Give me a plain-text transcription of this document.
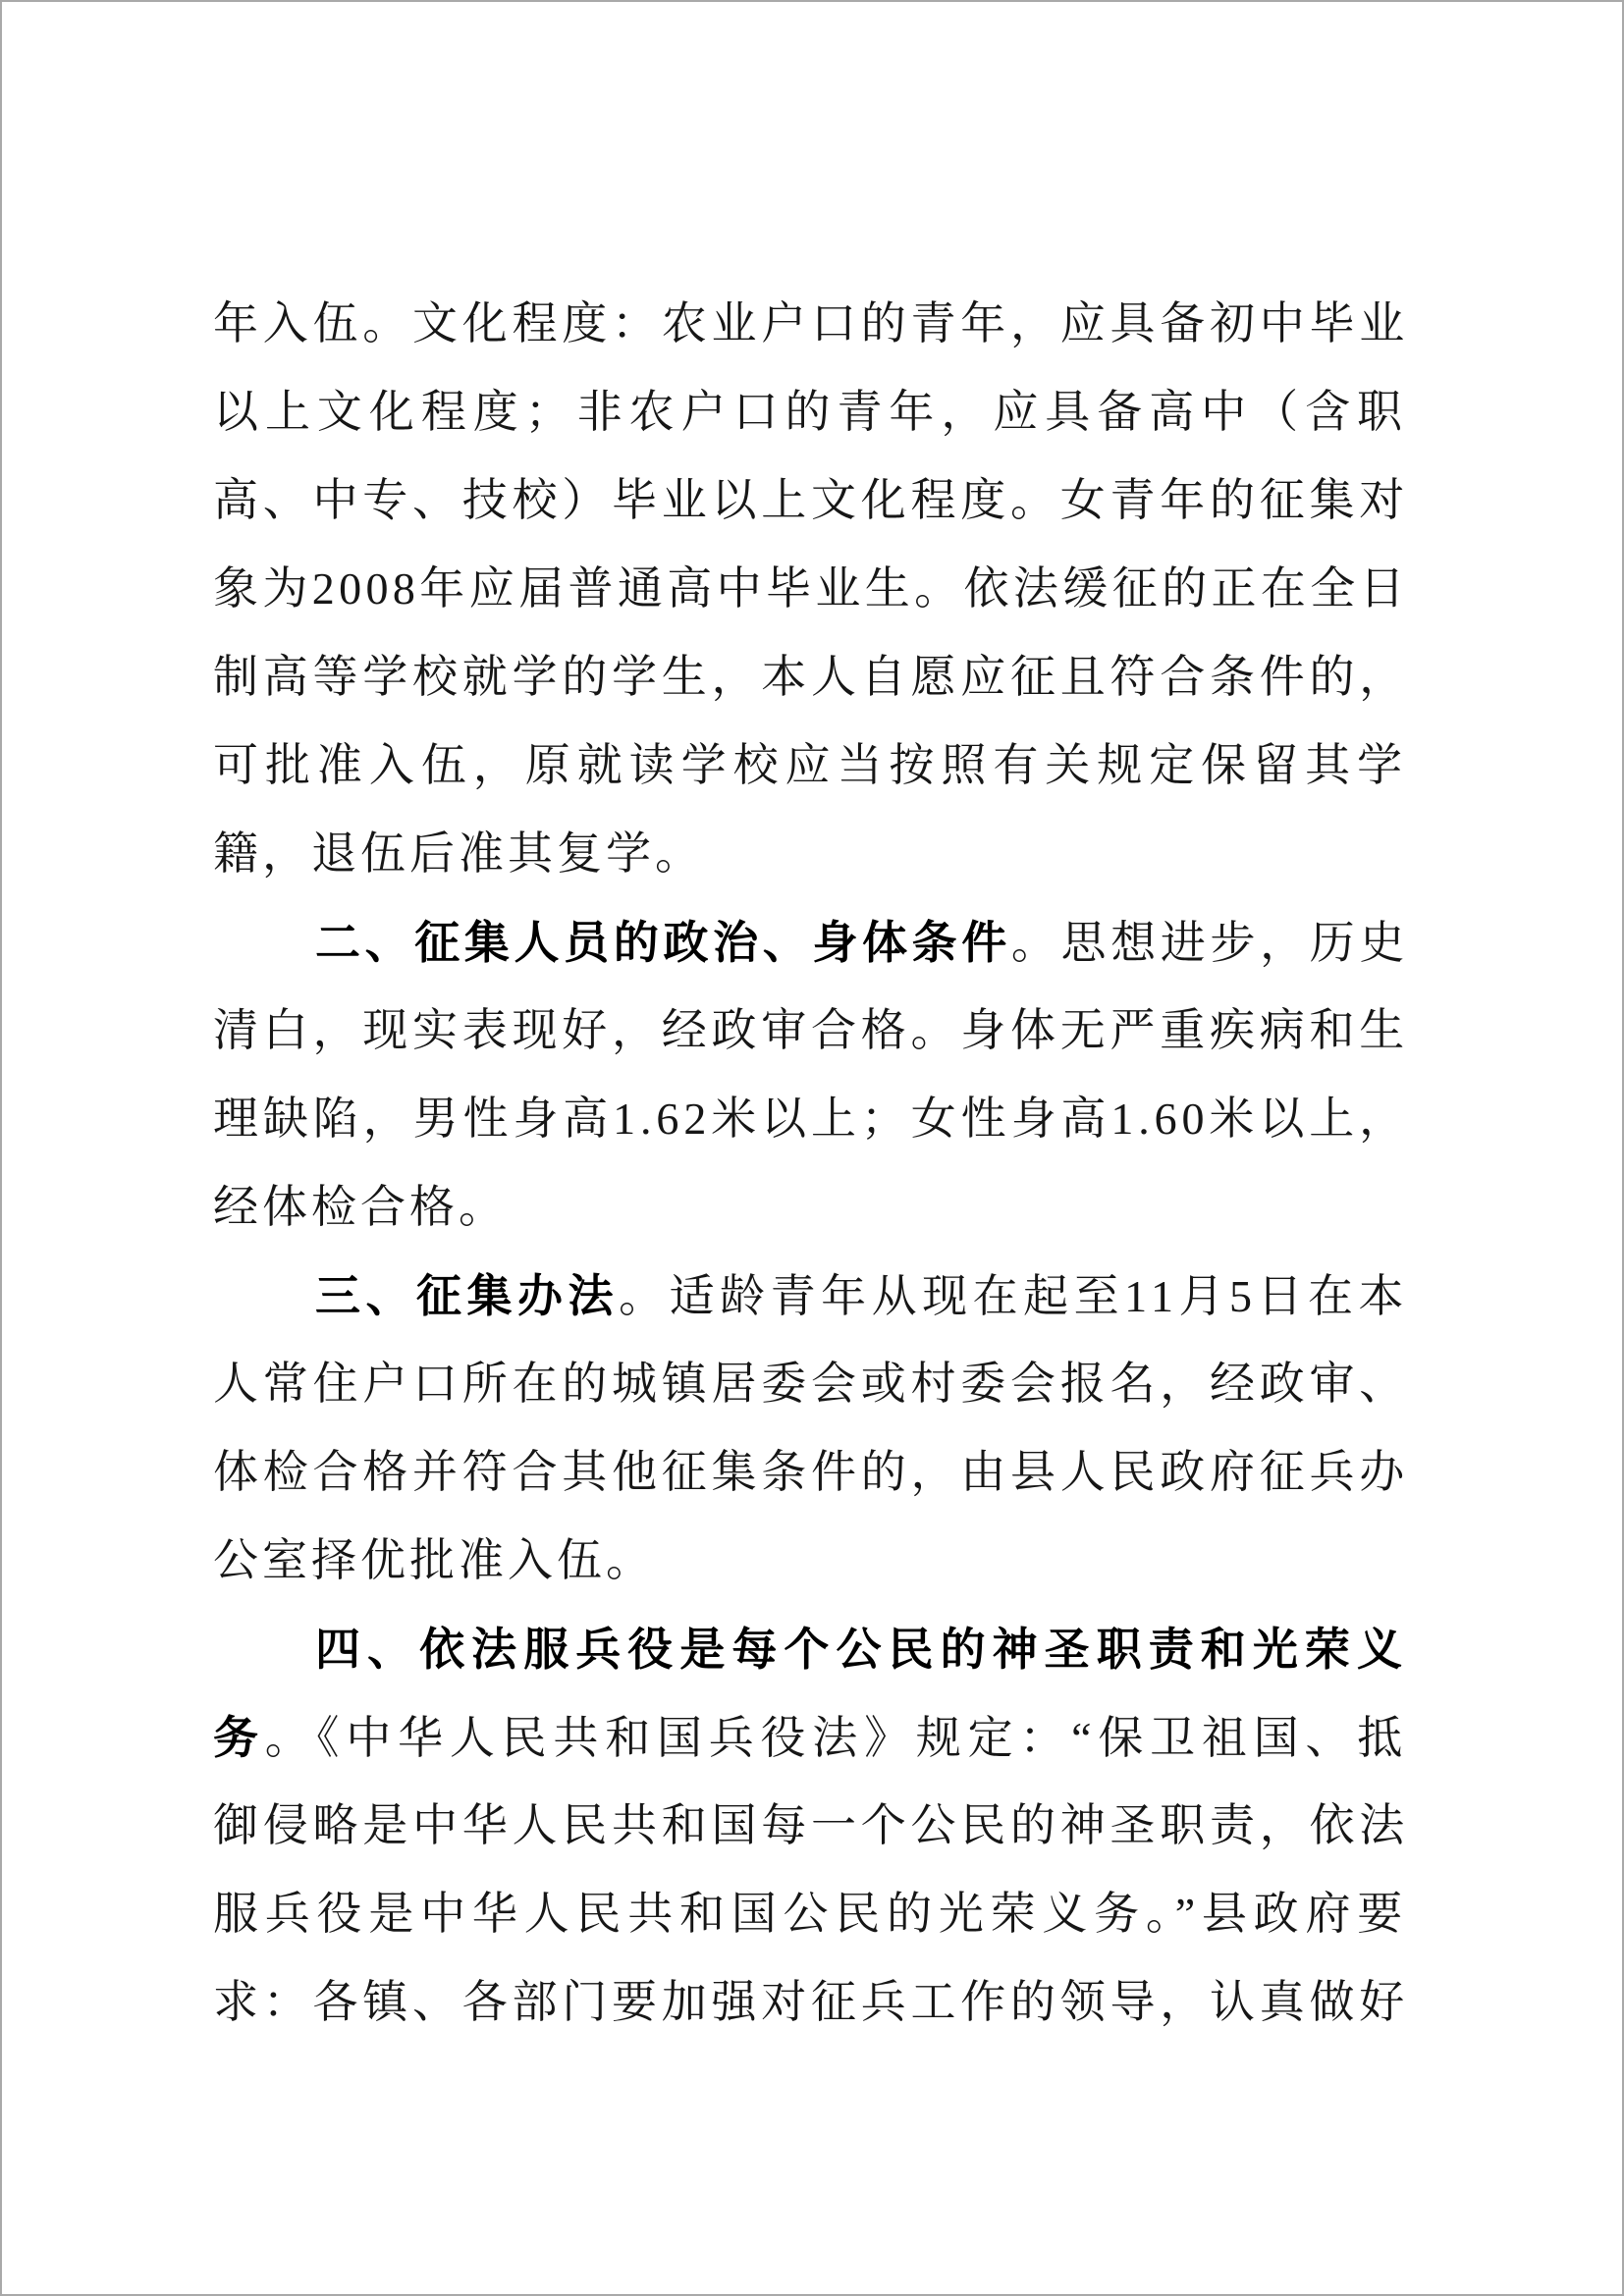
年入伍。文化程度：农业户口的青年，应具备初中毕业
以上文化程度；非农户口的青年，应具备高中（含职
高、中专、技校）毕业以上文化程度。女青年的征集对
象为2008年应届普通高中毕业生。依法缓征的正在全日
制高等学校就学的学生，本人自愿应征且符合条件的，
可批准入伍，原就读学校应当按照有关规定保留其学
籍，退伍后准其复学。
二、征集人员的政治、身体条件。思想进步，历史
清白，现实表现好，经政审合格。身体无严重疾病和生
理缺陷，男性身高1.62米以上；女性身高1.60米以上，
经体检合格。
三、征集办法。适龄青年从现在起至11月5日在本
人常住户口所在的城镇居委会或村委会报名，经政审、
体检合格并符合其他征集条件的，由县人民政府征兵办
公室择优批准入伍。
四、依法服兵役是每个公民的神圣职责和光荣义
务。《中华人民共和国兵役法》规定：“保卫祖国、抵
御侵略是中华人民共和国每一个公民的神圣职责，依法
服兵役是中华人民共和国公民的光荣义务。”县政府要
求：各镇、各部门要加强对征兵工作的领导，认真做好
